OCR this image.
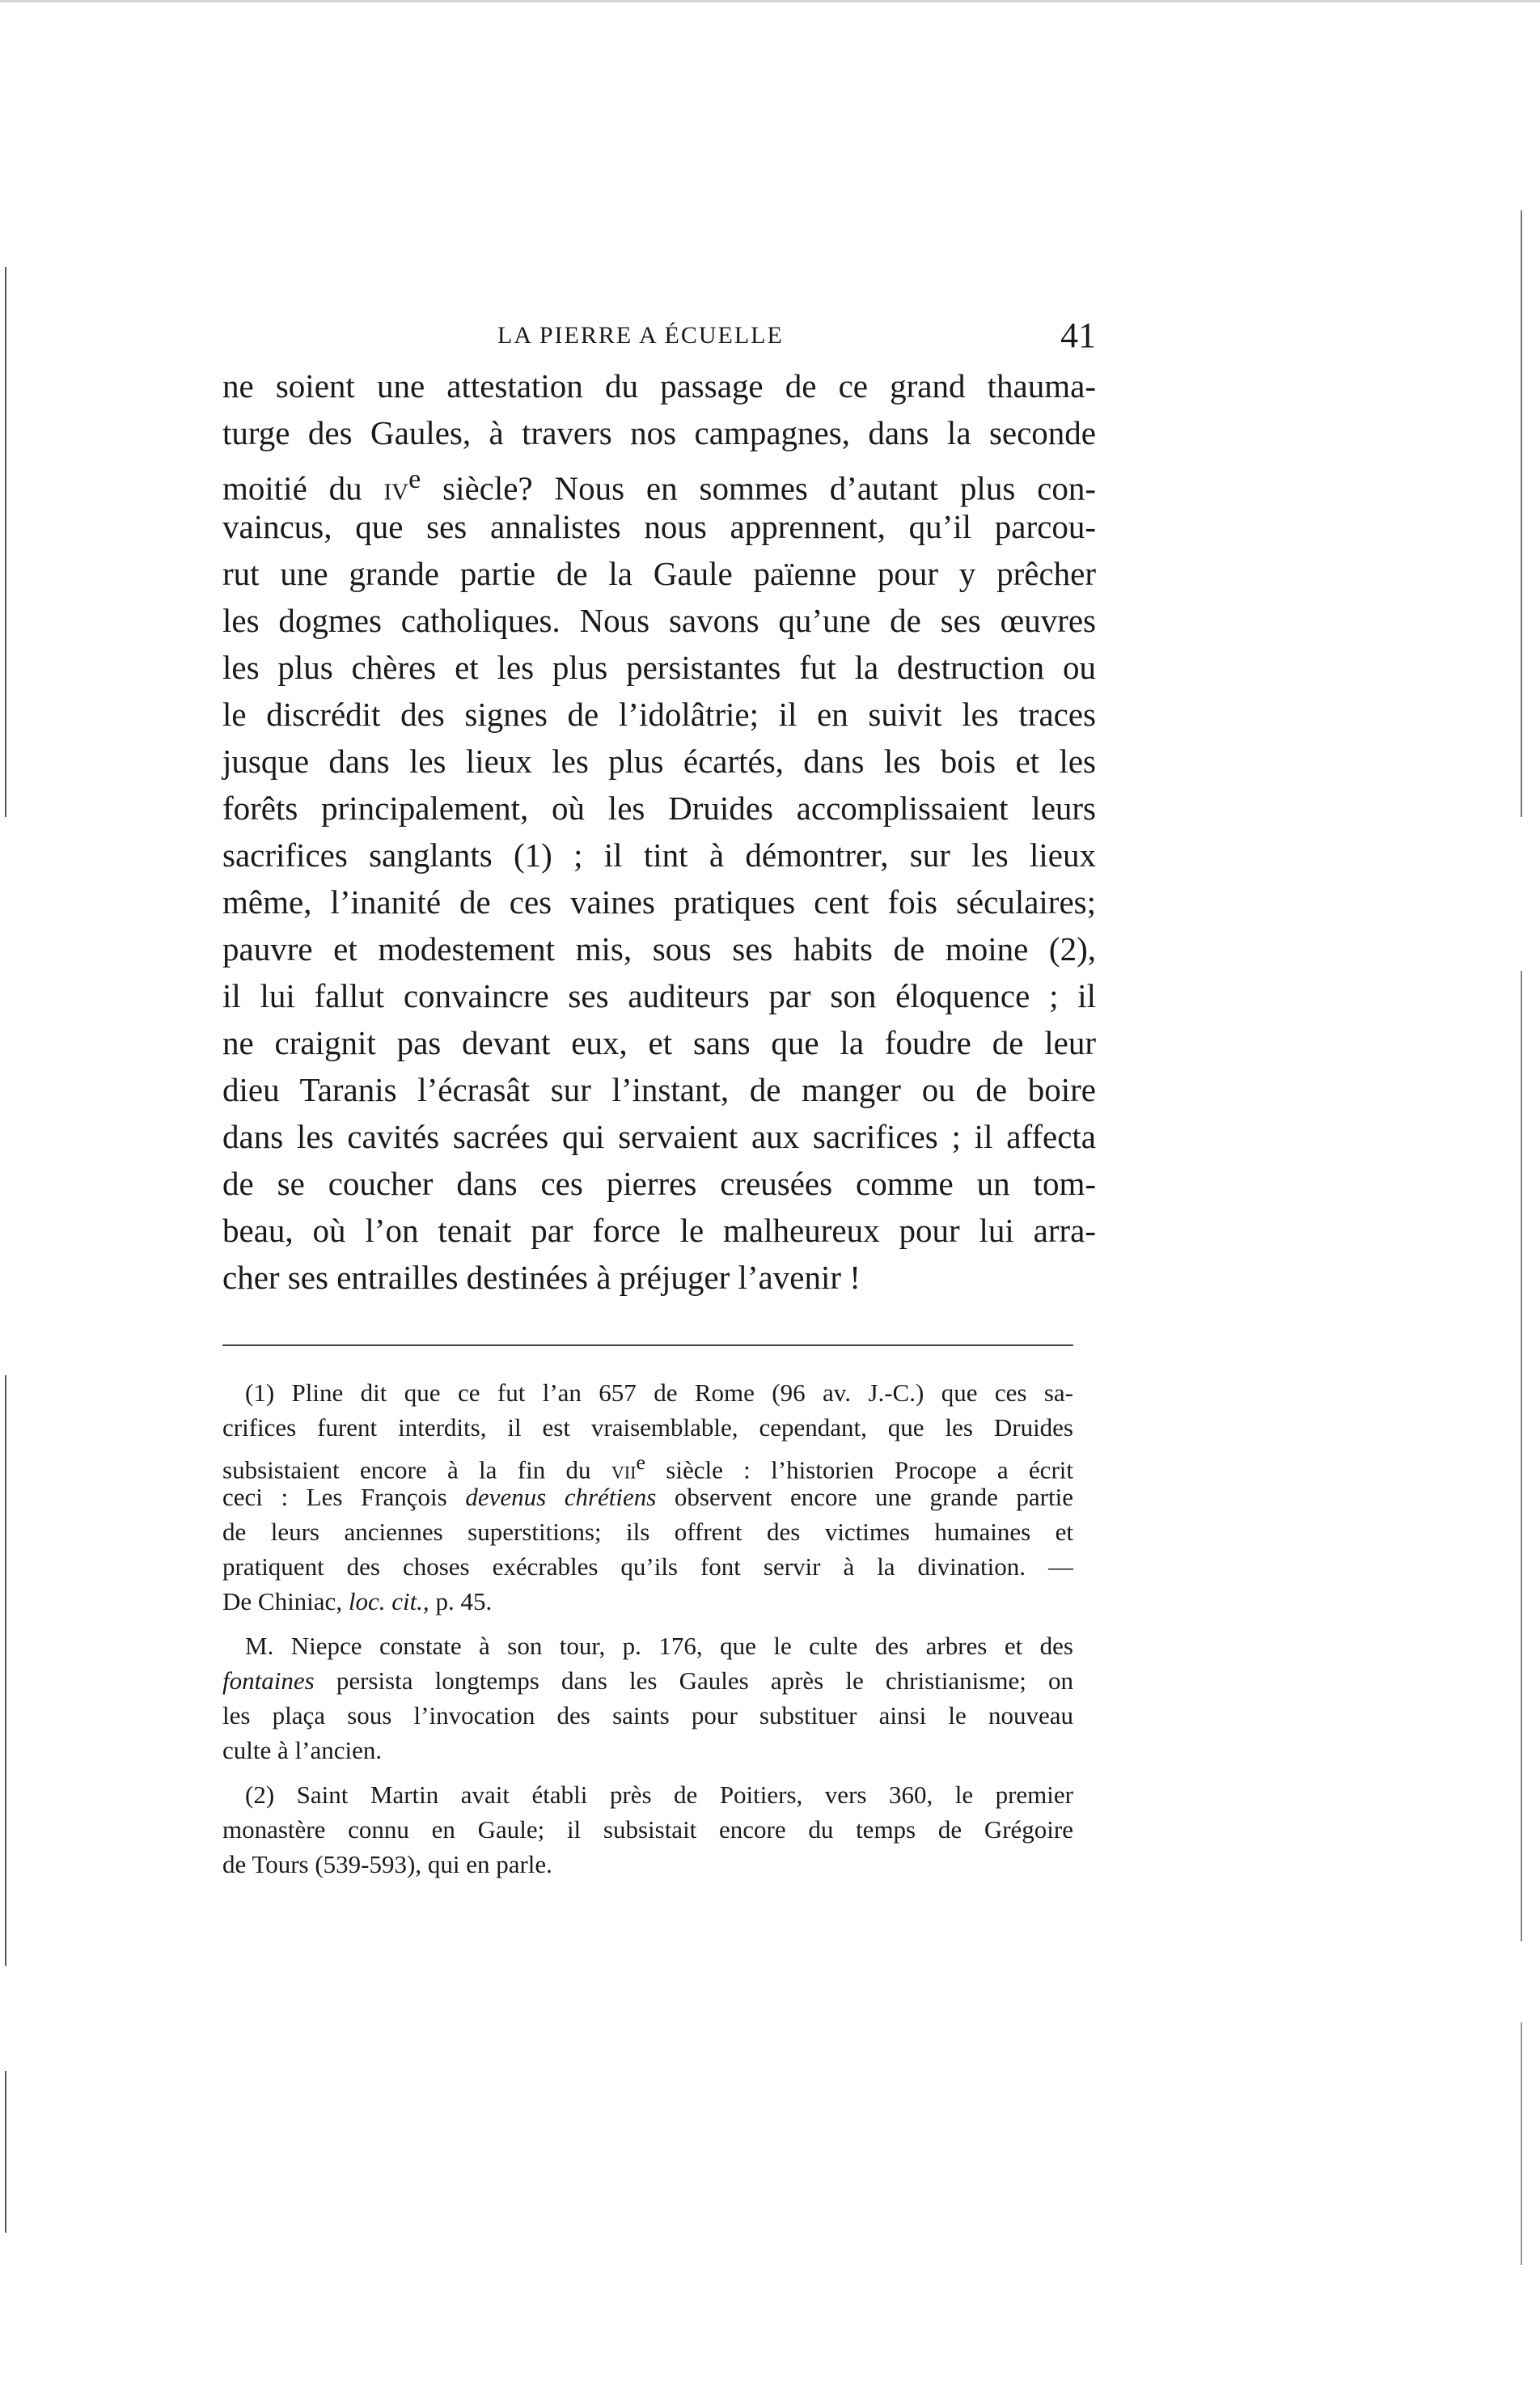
LA PIERRE A ÉCUELLE	41
ne soient une attestation du passage de ce grand thauma-
turge des Gaules, à travers nos campagnes, dans la seconde
moitié du $iv^e$ siècle? Nous en sommes d’autant plus con-
vaincus, que ses annalistes nous apprennent, qu’il parcou-
rut une grande partie de la Gaule païenne pour y prêcher
les dogmes catholiques. Nous savons qu’une de ses œuvres
les plus chères et les plus persistantes fut la destruction ou
le discrédit des signes de l’idolâtrie; il en suivit les traces
jusque dans les lieux les plus écartés, dans les bois et les
forêts principalement, où les Druides accomplissaient leurs
sacrifices sanglants (1) ; il tint à démontrer, sur les lieux
même, l’inanité de ces vaines pratiques cent fois séculaires;
pauvre et modestement mis, sous ses habits de moine (2),
il lui fallut convaincre ses auditeurs par son éloquence ; il
ne craignit pas devant eux, et sans que la foudre de leur
dieu Taranis l’écrasât sur l’instant, de manger ou de boire
dans les cavités sacrées qui servaient aux sacrifices ; il affecta
de se coucher dans ces pierres creusées comme un tom-
beau, où l’on tenait par force le malheureux pour lui arra-
cher ses entrailles destinées à préjuger l’avenir !
(1) Pline dit que ce fut l’an 657 de Rome (96 av. J.-C.) que ces sa-
crifices furent interdits, il est vraisemblable, cependant, que les Druides
subsistaient encore à la fin du vii$^e$ siècle : l’historien Procope a écrit
ceci : Les François devenus chrétiens observent encore une grande partie
de leurs anciennes superstitions; ils offrent des victimes humaines et
pratiquent des choses exécrables qu’ils font servir à la divination. —
De Chiniac, loc. cit., p. 45.
M. Niepce constate à son tour, p. 176, que le culte des arbres et des
fontaines persista longtemps dans les Gaules après le christianisme; on
les plaça sous l’invocation des saints pour substituer ainsi le nouveau
culte à l’ancien.
(2) Saint Martin avait établi près de Poitiers, vers 360, le premier
monastère connu en Gaule; il subsistait encore du temps de Grégoire
de Tours (539-593), qui en parle.
